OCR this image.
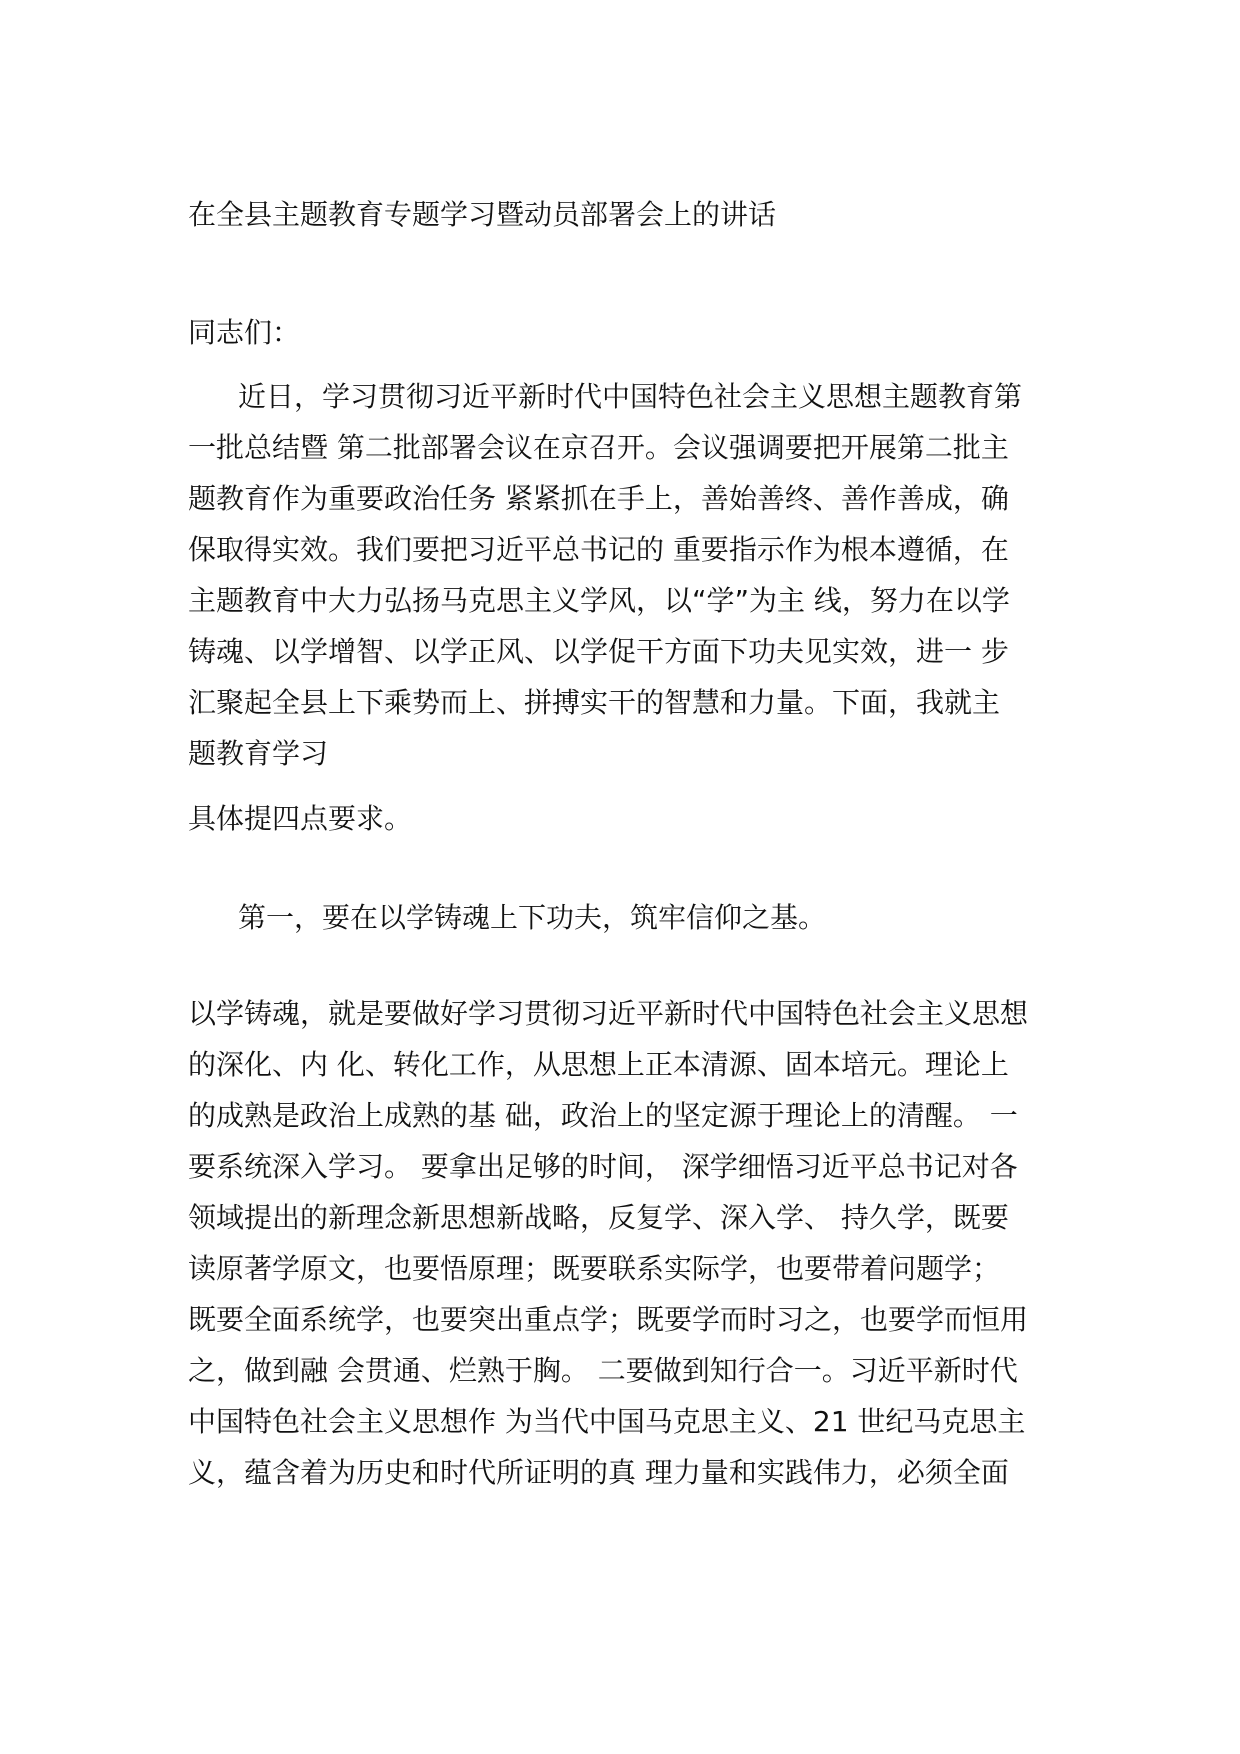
在全县主题教育专题学习暨动员部署会上的讲话
同志们：
近日，学习贯彻习近平新时代中国特色社会主义思想主题教育第
一批总结暨 第二批部署会议在京召开。会议强调要把开展第二批主
题教育作为重要政治任务 紧紧抓在手上，善始善终、善作善成，确
保取得实效。我们要把习近平总书记的 重要指示作为根本遵循，在
主题教育中大力弘扬马克思主义学风，以“学”为主 线，努力在以学
铸魂、以学增智、以学正风、以学促干方面下功夫见实效，进一 步
汇聚起全县上下乘势而上、拼搏实干的智慧和力量。下面，我就主
题教育学习
具体提四点要求。
第一，要在以学铸魂上下功夫，筑牢信仰之基。
以学铸魂，就是要做好学习贯彻习近平新时代中国特色社会主义思想
的深化、内 化、转化工作，从思想上正本清源、固本培元。理论上
的成熟是政治上成熟的基 础，政治上的坚定源于理论上的清醒。 一
要系统深入学习。 要拿出足够的时间， 深学细悟习近平总书记对各
领域提出的新理念新思想新战略，反复学、深入学、 持久学，既要
读原著学原文，也要悟原理；既要联系实际学，也要带着问题学；
既要全面系统学，也要突出重点学；既要学而时习之，也要学而恒用
之，做到融 会贯通、烂熟于胸。 二要做到知行合一。习近平新时代
中国特色社会主义思想作 为当代中国马克思主义、21 世纪马克思主
义，蕴含着为历史和时代所证明的真 理力量和实践伟力，必须全面
